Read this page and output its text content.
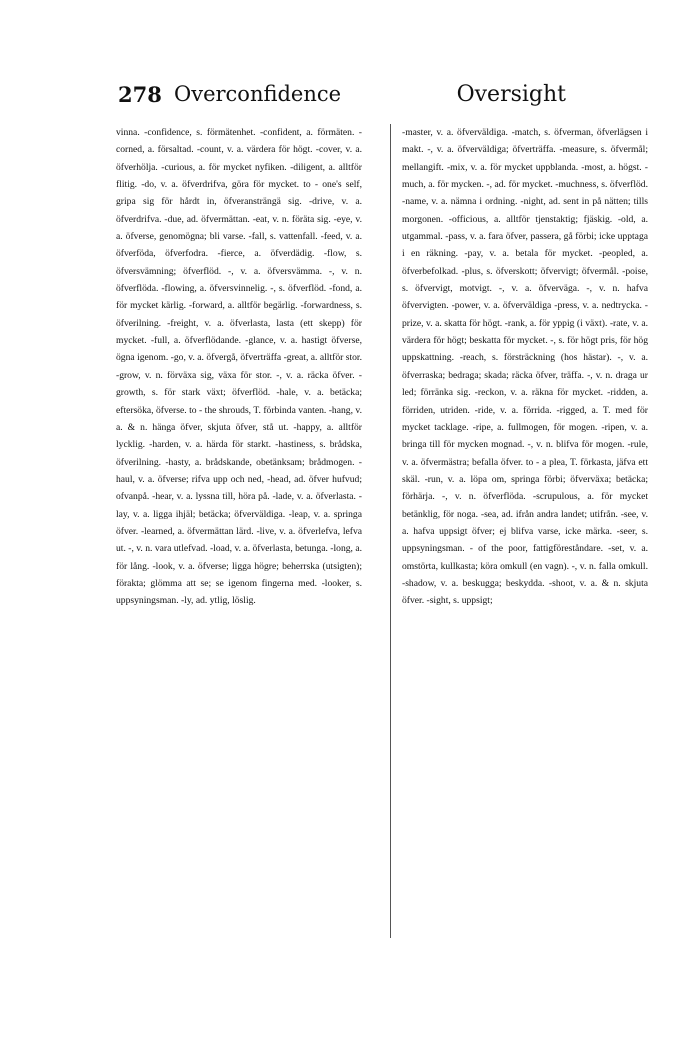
278 Overconfidence	Oversight

vinna. -confidence, s. förmätenhet. -confident, a. förmäten. -corned, a. försaltad. -count, v. a. värdera för högt. -cover, v. a. öfverhölja. -curious, a. för mycket nyfiken. -diligent, a. alltför flitig. -do, v. a. öfverdrifva, göra för mycket. to - one's self, gripa sig för hårdt in, öfveransträngä sig. -drive, v. a. öfverdrifva. -due, ad. öfvermättan. -eat, v. n. föräta sig. -eye, v. a. öfverse, genomögna; bli varse. -fall, s. vattenfall. -feed, v. a. öfverföda, öfverfodra. -fierce, a. öfverdädig. -flow, s. öfversvämning; öfverflöd. -, v. a. öfversvämma. -, v. n. öfverflöda. -flowing, a. öfversvinnelig. -, s. öfverflöd. -fond, a. för mycket kärlig. -forward, a. alltför begärlig. -forwardness, s. öfverilning. -freight, v. a. öfverlasta, lasta (ett skepp) för mycket. -full, a. öfverflödande. -glance, v. a. hastigt öfverse, ögna igenom. -go, v. a. öfvergå, öfverträffa -great, a. alltför stor. -grow, v. n. förväxa sig, växa för stor. -, v. a. räcka öfver. -growth, s. för stark växt; öfverflöd. -hale, v. a. betäcka; eftersöka, öfverse. to - the shrouds, T. förbinda vanten. -hang, v. a. & n. hänga öfver, skjuta öfver, stå ut. -happy, a. alltför lycklig. -harden, v. a. härda för starkt. -hastiness, s. brådska, öfverilning. -hasty, a. brådskande, obetänksam; brådmogen. -haul, v. a. öfverse; rifva upp och ned, -head, ad. öfver hufvud; ofvanpå. -hear, v. a. lyssna till, höra på. -lade, v. a. öfverlasta. -lay, v. a. ligga ihjäl; betäcka; öfverväldiga. -leap, v. a. springa öfver. -learned, a. öfvermättan lärd. -live, v. a. öfverlefva, lefva ut. -, v. n. vara utlefvad. -load, v. a. öfverlasta, betunga. -long, a. för lång. -look, v. a. öfverse; ligga högre; beherrska (utsigten); förakta; glömma att se; se igenom fingerna med. -looker, s. uppsyningsman. -ly, ad. ytlig, löslig.

-master, v. a. öfverväldiga. -match, s. öfverman, öfverlägsen i makt. -, v. a. öfverväldiga; öfverträffa. -measure, s. öfvermål; mellangift. -mix, v. a. för mycket uppblanda. -most, a. högst. -much, a. för mycken. -, ad. för mycket. -muchness, s. öfverflöd. -name, v. a. nämna i ordning. -night, ad. sent in på nätten; tills morgonen. -officious, a. alltför tjenstaktig; fjäskig. -old, a. utgammal. -pass, v. a. fara öfver, passera, gå förbi; icke upptaga i en räkning. -pay, v. a. betala för mycket. -peopled, a. öfverbefolkad. -plus, s. öfverskott; öfvervigt; öfvermål. -poise, s. öfvervigt, motvigt. -, v. a. öfverväga. -, v. n. hafva öfvervigten. -power, v. a. öfverväldiga -press, v. a. nedtrycka. -prize, v. a. skatta för högt. -rank, a. för yppig (i växt). -rate, v. a. värdera för högt; beskatta för mycket. -, s. för högt pris, för hög uppskattning. -reach, s. försträckning (hos hästar). -, v. a. öfverraska; bedraga; skada; räcka öfver, träffa. -, v. n. draga ur led; förränka sig. -reckon, v. a. räkna för mycket. -ridden, a. förriden, utriden. -ride, v. a. förrida. -rigged, a. T. med för mycket tacklage. -ripe, a. fullmogen, för mogen. -ripen, v. a. bringa till för mycken mognad. -, v. n. blifva för mogen. -rule, v. a. öfvermästra; befalla öfver. to - a plea, T. förkasta, jäfva ett skäl. -run, v. a. löpa om, springa förbi; öfverväxa; betäcka; förhärja. -, v. n. öfverflöda. -scrupulous, a. för mycket betänklig, för noga. -sea, ad. ifrån andra landet; utifrån. -see, v. a. hafva uppsigt öfver; ej blifva varse, icke märka. -seer, s. uppsyningsman. - of the poor, fattigföreståndare. -set, v. a. omstörta, kullkasta; köra omkull (en vagn). -, v. n. falla omkull. -shadow, v. a. beskugga; beskydda. -shoot, v. a. & n. skjuta öfver. -sight, s. uppsigt;
